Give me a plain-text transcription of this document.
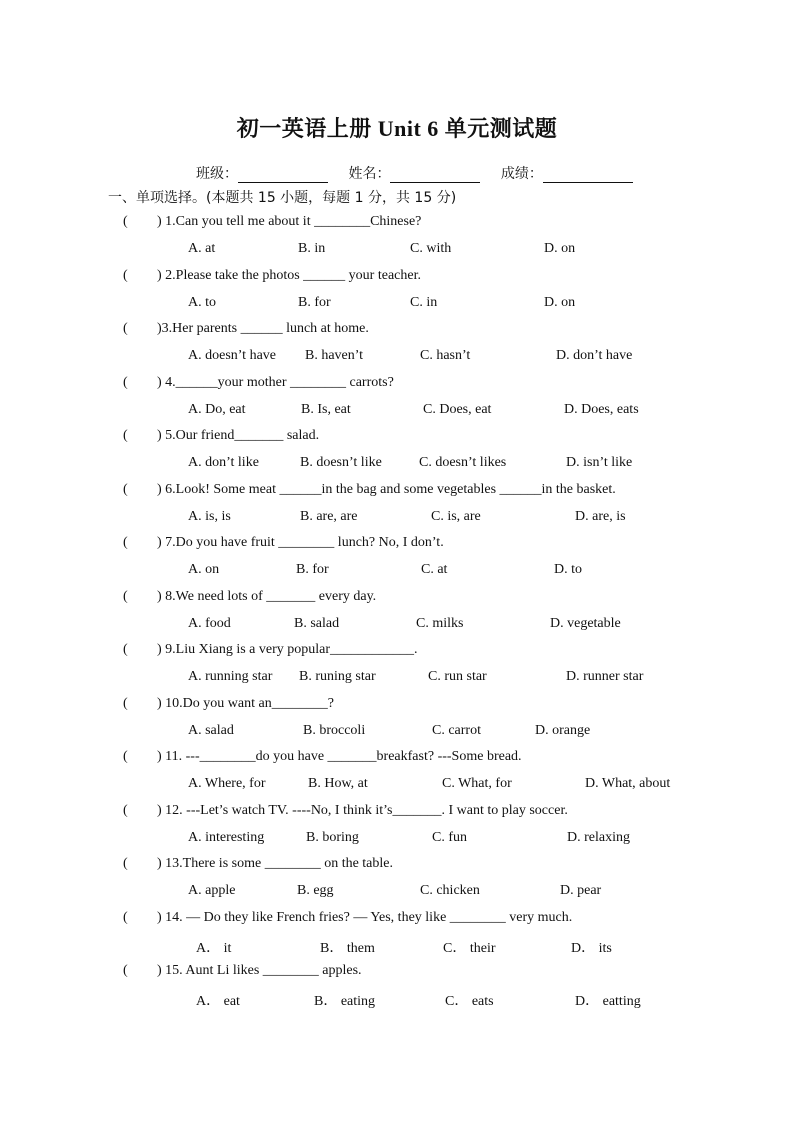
初一英语上册 Unit 6 单元测试题
班级：	姓名：	成绩：
一、单项选择。(本题共 15 小题，每题 1 分，共 15 分)
( ) 1.Can you tell me about it ________Chinese?
A. at	B. in	C. with	D. on
( ) 2.Please take the photos ______ your teacher.
A. to	B. for	C. in	D. on
( )3.Her parents ______ lunch at home.
A. doesn’t have B. haven’t	C. hasn’t	D. don’t have
( ) 4.______your mother ________ carrots?
A. Do, eat	B. Is, eat	C. Does, eat	D. Does, eats
( ) 5.Our friend_______ salad.
A. don’t like	B. doesn’t like	C. doesn’t likes	D. isn’t like
( ) 6.Look! Some meat ______in the bag and some vegetables ______in the basket.
A. is, is	B. are, are	C. is, are	D. are, is
( ) 7.Do you have fruit ________ lunch? No, I don’t.
A. on	B. for	C. at	D. to
( ) 8.We need lots of _______ every day.
A. food	B. salad	C. milks	D. vegetable
( ) 9.Liu Xiang is a very popular____________.
A. running star B. runing star	C. run star	D. runner star
( ) 10.Do you want an________?
A. salad	B. broccoli	C. carrot	D. orange
( ) 11. ---________do you have _______breakfast? ---Some bread.
A. Where, for	B. How, at	C. What, for	D. What, about
( ) 12. ---Let’s watch TV. ----No, I think it’s_______. I want to play soccer.
A. interesting	B. boring	C. fun	D. relaxing
( ) 13.There is some ________ on the table.
A. apple	B. egg	C. chicken	D. pear
( ) 14. — Do they like French fries? — Yes, they like ________ very much.
A． it	B． them	C． their	D． its
( ) 15. Aunt Li likes ________ apples.
A． eat	B． eating	C． eats	D． eatting
